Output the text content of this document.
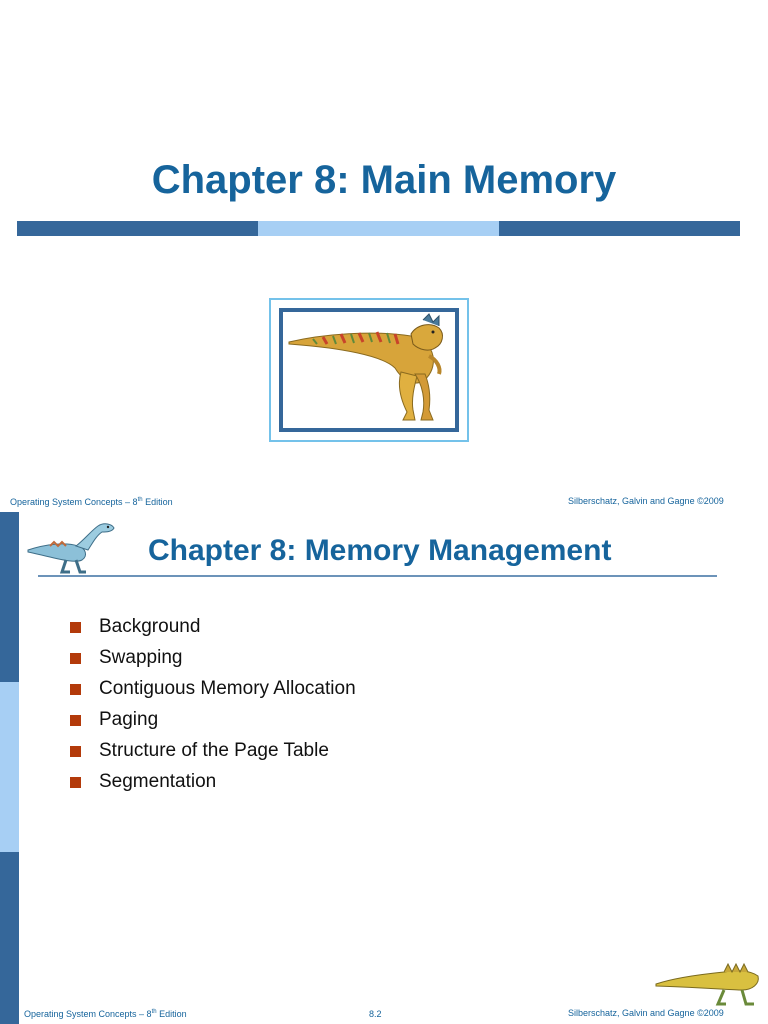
Chapter 8: Main Memory
Operating System Concepts – 8th Edition	Silberschatz, Galvin and Gagne ©2009
Chapter 8: Memory Management
Background
Swapping
Contiguous Memory Allocation
Paging
Structure of the Page Table
Segmentation
Operating System Concepts – 8th Edition	8.2	Silberschatz, Galvin and Gagne ©2009
